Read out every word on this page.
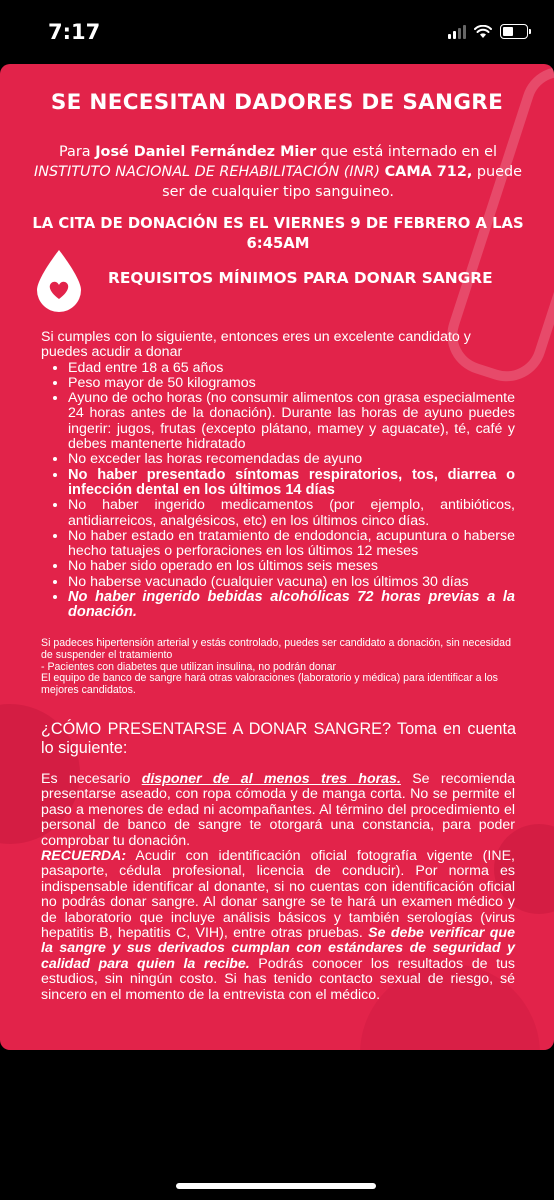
7:17
SE NECESITAN DADORES DE SANGRE
Para José Daniel Fernández Mier que está internado en el INSTITUTO NACIONAL DE REHABILITACIÓN (INR) CAMA 712, puede ser de cualquier tipo sanguineo.
LA CITA DE DONACIÓN ES EL VIERNES 9 DE FEBRERO A LAS 6:45AM
REQUISITOS MÍNIMOS PARA DONAR SANGRE

Si cumples con lo siguiente, entonces eres un excelente candidato y puedes acudir a donar

• Edad entre 18 a 65 años
• Peso mayor de 50 kilogramos
• Ayuno de ocho horas (no consumir alimentos con grasa especialmente 24 horas antes de la donación). Durante las horas de ayuno puedes ingerir: jugos, frutas (excepto plátano, mamey y aguacate), té, café y debes mantenerte hidratado
• No exceder las horas recomendadas de ayuno
• No haber presentado síntomas respiratorios, tos, diarrea o infección dental en los últimos 14 días
• No haber ingerido medicamentos (por ejemplo, antibióticos, antidiarreicos, analgésicos, etc) en los últimos cinco días.
• No haber estado en tratamiento de endodoncia, acupuntura o haberse hecho tatuajes o perforaciones en los últimos 12 meses
• No haber sido operado en los últimos seis meses
• No haberse vacunado (cualquier vacuna) en los últimos 30 días
• No haber ingerido bebidas alcohólicas 72 horas previas a la donación.

Si padeces hipertensión arterial y estás controlado, puedes ser candidato a donación, sin necesidad de suspender el tratamiento

- Pacientes con diabetes que utilizan insulina, no podrán donar

El equipo de banco de sangre hará otras valoraciones (laboratorio y médica) para identificar a los mejores candidatos.

¿CÓMO PRESENTARSE A DONAR SANGRE? Toma en cuenta lo siguiente:

Es necesario disponer de al menos tres horas. Se recomienda presentarse aseado, con ropa cómoda y de manga corta. No se permite el paso a menores de edad ni acompañantes. Al término del procedimiento el personal de banco de sangre te otorgará una constancia, para poder comprobar tu donación.

RECUERDA: Acudir con identificación oficial fotografía vigente (INE, pasaporte, cédula profesional, licencia de conducir). Por norma es indispensable identificar al donante, si no cuentas con identificación oficial no podrás donar sangre. Al donar sangre se te hará un examen médico y de laboratorio que incluye análisis básicos y también serologías (virus hepatitis B, hepatitis C, VIH), entre otras pruebas. Se debe verificar que la sangre y sus derivados cumplan con estándares de seguridad y calidad para quien la recibe. Podrás conocer los resultados de tus estudios, sin ningún costo. Si has tenido contacto sexual de riesgo, sé sincero en el momento de la entrevista con el médico.
